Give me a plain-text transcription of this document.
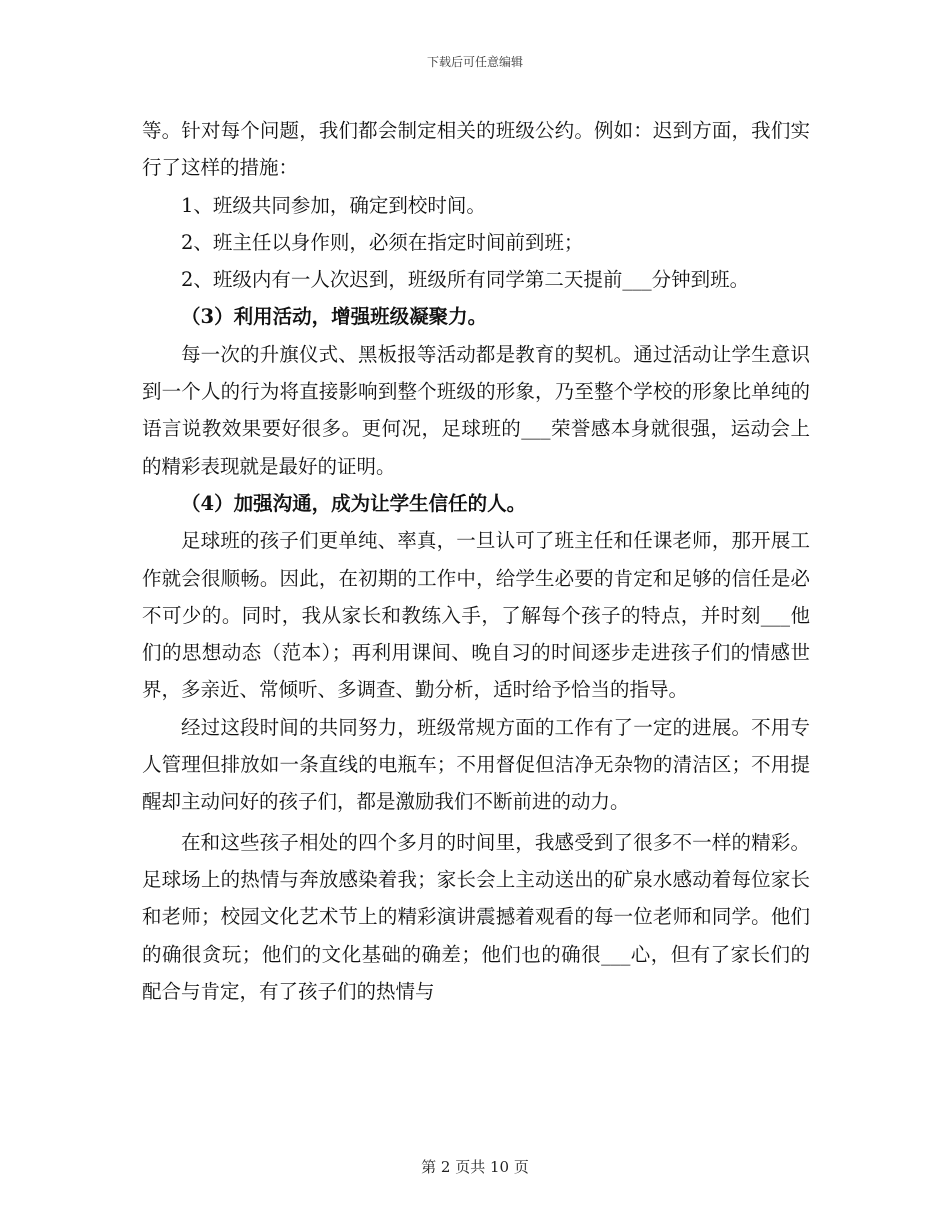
下载后可任意编辑

等。针对每个问题，我们都会制定相关的班级公约。例如：迟到方面，我们实行了这样的措施：

1、班级共同参加，确定到校时间。

2、班主任以身作则，必须在指定时间前到班；

2、班级内有一人次迟到，班级所有同学第二天提前___分钟到班。

（3）利用活动，增强班级凝聚力。

每一次的升旗仪式、黑板报等活动都是教育的契机。通过活动让学生意识到一个人的行为将直接影响到整个班级的形象，乃至整个学校的形象比单纯的语言说教效果要好很多。更何况，足球班的___荣誉感本身就很强，运动会上的精彩表现就是最好的证明。

（4）加强沟通，成为让学生信任的人。

足球班的孩子们更单纯、率真，一旦认可了班主任和任课老师，那开展工作就会很顺畅。因此，在初期的工作中，给学生必要的肯定和足够的信任是必不可少的。同时，我从家长和教练入手，了解每个孩子的特点，并时刻___他们的思想动态（范本）；再利用课间、晚自习的时间逐步走进孩子们的情感世界，多亲近、常倾听、多调查、勤分析，适时给予恰当的指导。

经过这段时间的共同努力，班级常规方面的工作有了一定的进展。不用专人管理但排放如一条直线的电瓶车；不用督促但洁净无杂物的清洁区；不用提醒却主动问好的孩子们，都是激励我们不断前进的动力。

在和这些孩子相处的四个多月的时间里，我感受到了很多不一样的精彩。足球场上的热情与奔放感染着我；家长会上主动送出的矿泉水感动着每位家长和老师；校园文化艺术节上的精彩演讲震撼着观看的每一位老师和同学。他们的确很贪玩；他们的文化基础的确差；他们也的确很___心，但有了家长们的配合与肯定，有了孩子们的热情与

第 2 页共 10 页
